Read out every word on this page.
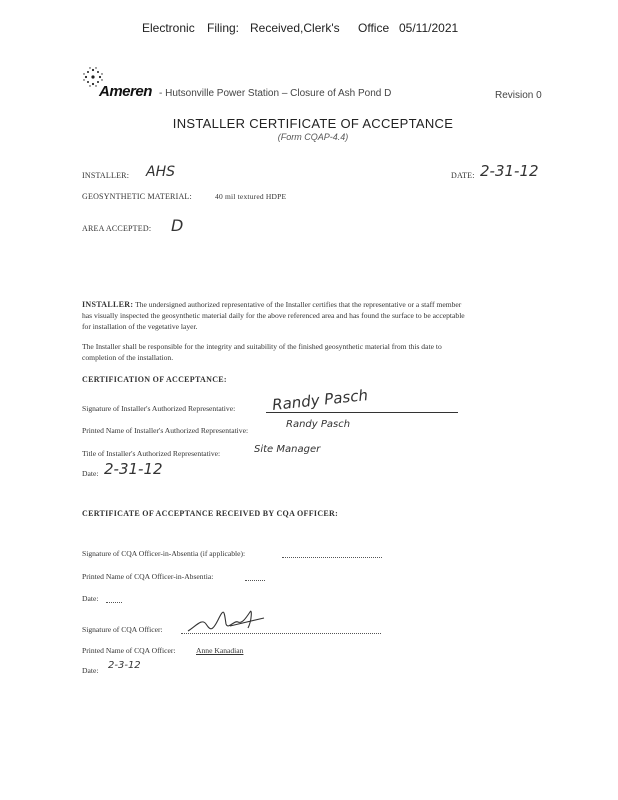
Electronic Filing: Received,Clerk's Office 05/11/2021
Ameren - Hutsonville Power Station – Closure of Ash Pond D	Revision 0
INSTALLER CERTIFICATE OF ACCEPTANCE
(Form CQAP-4.4)
INSTALLER: AHS	DATE: 2-31-12
GEOSYNTHETIC MATERIAL:	40 mil textured HDPE
AREA ACCEPTED: D
INSTALLER: The undersigned authorized representative of the Installer certifies that the representative or a staff member
has visually inspected the geosynthetic material daily for the above referenced area and has found the surface to be acceptable
for installation of the vegetative layer.
The Installer shall be responsible for the integrity and suitability of the finished geosynthetic material from this date to
completion of the installation.
CERTIFICATION OF ACCEPTANCE:
Signature of Installer's Authorized Representative: Randy Pasch
Printed Name of Installer's Authorized Representative:
Randy Pasch
Title of Installer's Authorized Representative:	Site Manager
Date: 2-31-12
CERTIFICATE OF ACCEPTANCE RECEIVED BY CQA OFFICER:
Signature of CQA Officer-in-Absentia (if applicable):
Printed Name of CQA Officer-in-Absentia:
Date:
Signature of CQA Officer:
Printed Name of CQA Officer:	Anne Kanadian
Date: 2-3-12
